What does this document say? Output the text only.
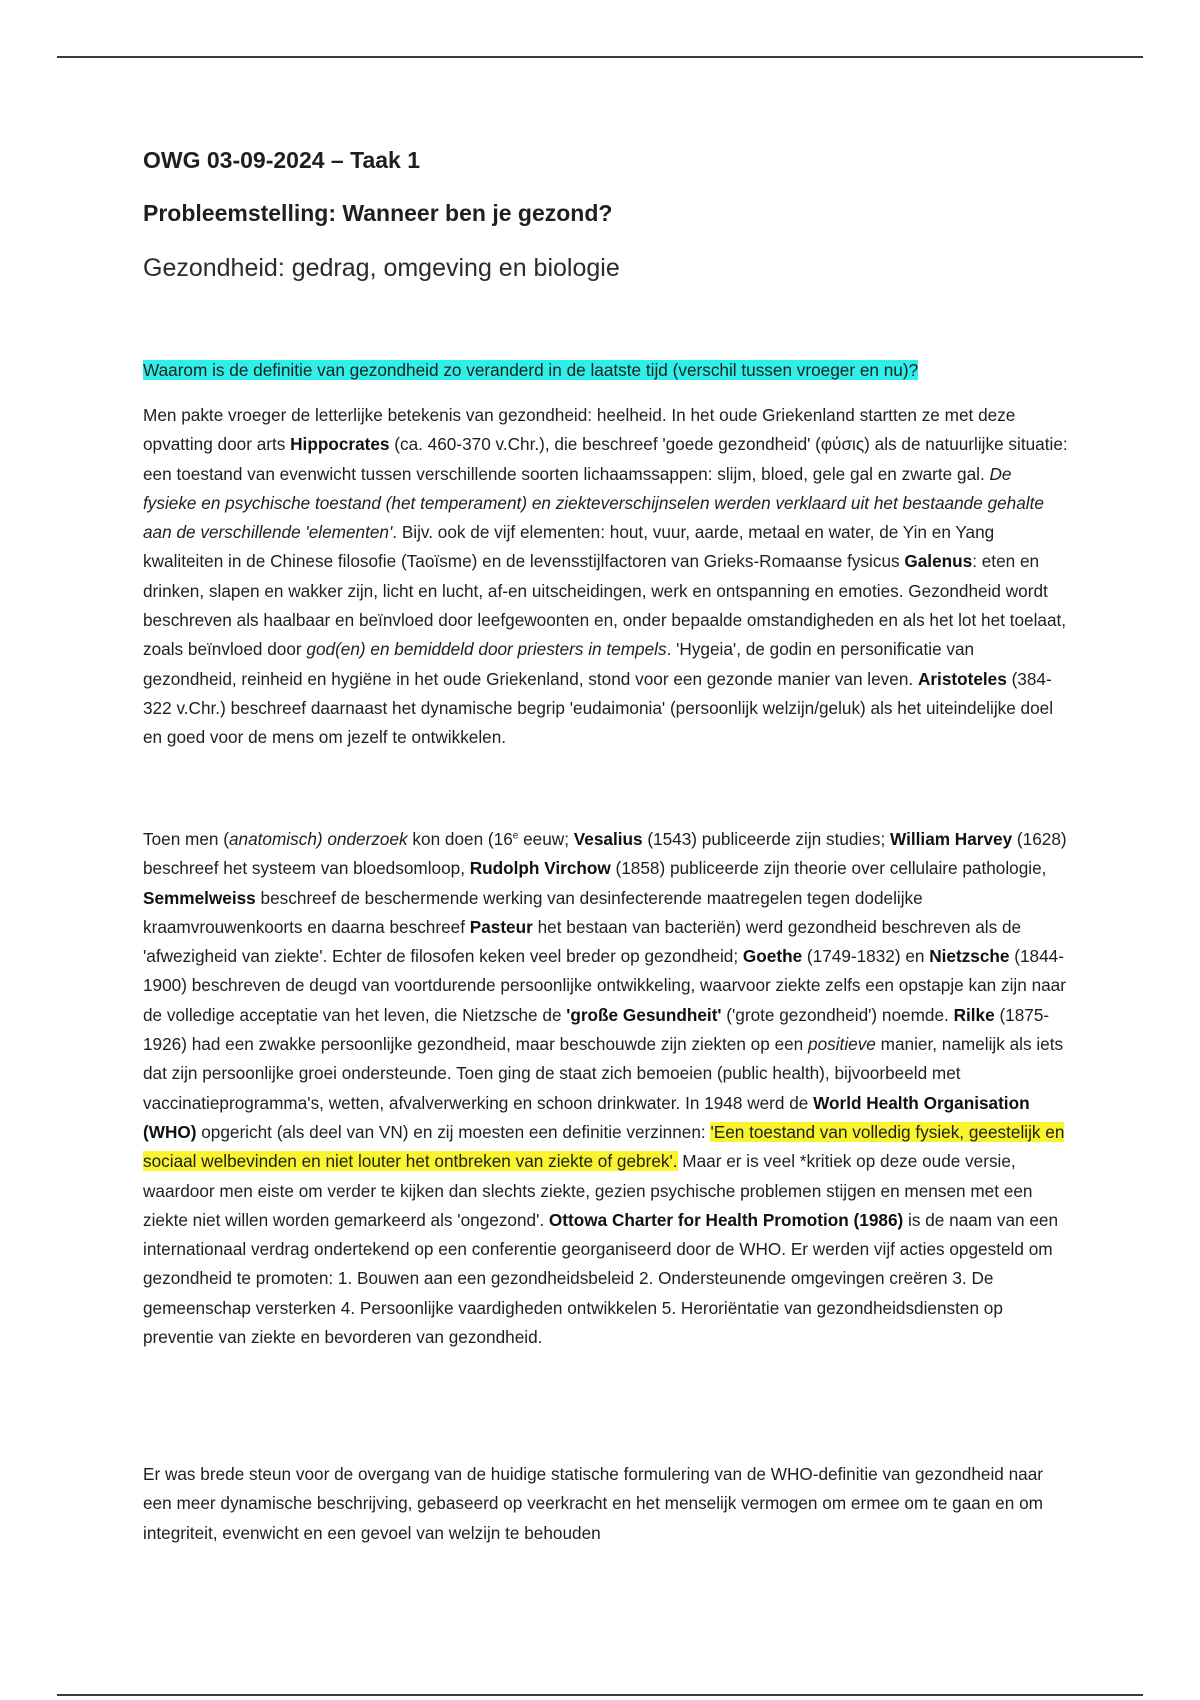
OWG 03-09-2024 – Taak 1
Probleemstelling: Wanneer ben je gezond?
Gezondheid: gedrag, omgeving en biologie
Waarom is de definitie van gezondheid zo veranderd in de laatste tijd (verschil tussen vroeger en nu)?

Men pakte vroeger de letterlijke betekenis van gezondheid: heelheid. In het oude Griekenland startten ze met deze opvatting door arts Hippocrates (ca. 460-370 v.Chr.), die beschreef 'goede gezondheid' (φύσις) als de natuurlijke situatie: een toestand van evenwicht tussen verschillende soorten lichaamssappen: slijm, bloed, gele gal en zwarte gal. De fysieke en psychische toestand (het temperament) en ziekteverschijnselen werden verklaard uit het bestaande gehalte aan de verschillende 'elementen'. Bijv. ook de vijf elementen: hout, vuur, aarde, metaal en water, de Yin en Yang kwaliteiten in de Chinese filosofie (Taoïsme) en de levensstijlfactoren van Grieks-Romaanse fysicus Galenus: eten en drinken, slapen en wakker zijn, licht en lucht, af-en uitscheidingen, werk en ontspanning en emoties. Gezondheid wordt beschreven als haalbaar en beïnvloed door leefgewoonten en, onder bepaalde omstandigheden en als het lot het toelaat, zoals beïnvloed door god(en) en bemiddeld door priesters in tempels. 'Hygeia', de godin en personificatie van gezondheid, reinheid en hygiëne in het oude Griekenland, stond voor een gezonde manier van leven. Aristoteles (384-322 v.Chr.) beschreef daarnaast het dynamische begrip 'eudaimonia' (persoonlijk welzijn/geluk) als het uiteindelijke doel en goed voor de mens om jezelf te ontwikkelen.

Toen men (anatomisch) onderzoek kon doen (16e eeuw; Vesalius (1543) publiceerde zijn studies; William Harvey (1628) beschreef het systeem van bloedsomloop, Rudolph Virchow (1858) publiceerde zijn theorie over cellulaire pathologie, Semmelweiss beschreef de beschermende werking van desinfecterende maatregelen tegen dodelijke kraamvrouwenkoorts en daarna beschreef Pasteur het bestaan van bacteriën) werd gezondheid beschreven als de 'afwezigheid van ziekte'. Echter de filosofen keken veel breder op gezondheid; Goethe (1749-1832) en Nietzsche (1844-1900) beschreven de deugd van voortdurende persoonlijke ontwikkeling, waarvoor ziekte zelfs een opstapje kan zijn naar de volledige acceptatie van het leven, die Nietzsche de 'große Gesundheit' ('grote gezondheid') noemde. Rilke (1875-1926) had een zwakke persoonlijke gezondheid, maar beschouwde zijn ziekten op een positieve manier, namelijk als iets dat zijn persoonlijke groei ondersteunde. Toen ging de staat zich bemoeien (public health), bijvoorbeeld met vaccinatieprogramma's, wetten, afvalverwerking en schoon drinkwater. In 1948 werd de World Health Organisation (WHO) opgericht (als deel van VN) en zij moesten een definitie verzinnen: 'Een toestand van volledig fysiek, geestelijk en sociaal welbevinden en niet louter het ontbreken van ziekte of gebrek'. Maar er is veel *kritiek op deze oude versie, waardoor men eiste om verder te kijken dan slechts ziekte, gezien psychische problemen stijgen en mensen met een ziekte niet willen worden gemarkeerd als 'ongezond'. Ottowa Charter for Health Promotion (1986) is de naam van een internationaal verdrag ondertekend op een conferentie georganiseerd door de WHO. Er werden vijf acties opgesteld om gezondheid te promoten: 1. Bouwen aan een gezondheidsbeleid 2. Ondersteunende omgevingen creëren 3. De gemeenschap versterken 4. Persoonlijke vaardigheden ontwikkelen 5. Heroriëntatie van gezondheidsdiensten op preventie van ziekte en bevorderen van gezondheid.

Er was brede steun voor de overgang van de huidige statische formulering van de WHO-definitie van gezondheid naar een meer dynamische beschrijving, gebaseerd op veerkracht en het menselijk vermogen om ermee om te gaan en om integriteit, evenwicht en een gevoel van welzijn te behouden
